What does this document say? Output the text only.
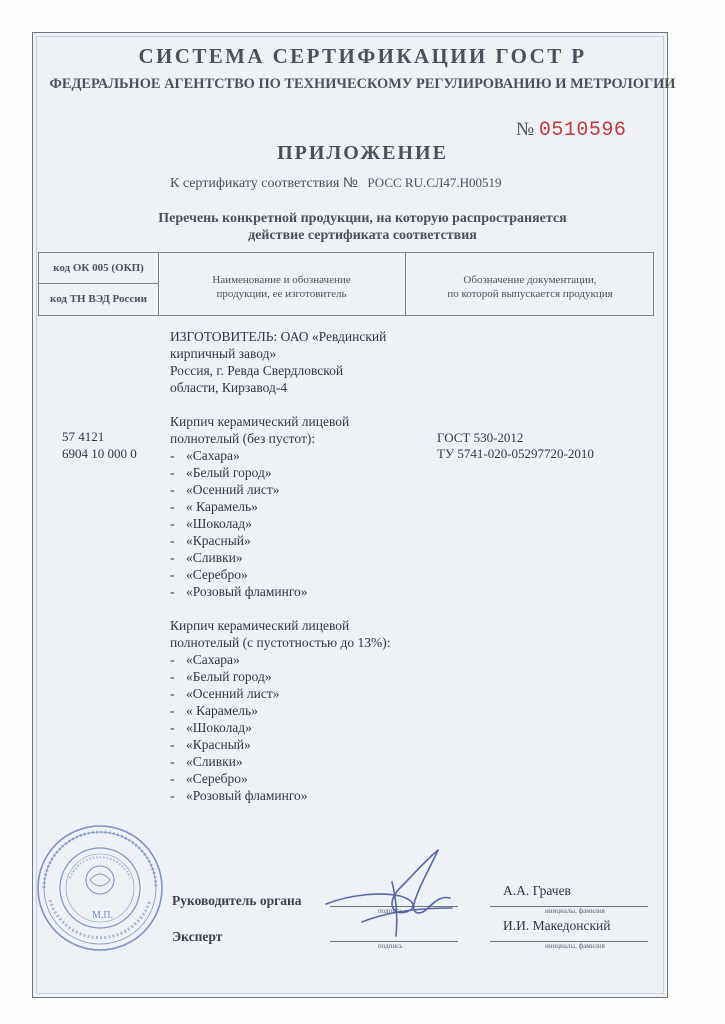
СИСТЕМА СЕРТИФИКАЦИИ ГОСТ Р
ФЕДЕРАЛЬНОЕ АГЕНТСТВО ПО ТЕХНИЧЕСКОМУ РЕГУЛИРОВАНИЮ И МЕТРОЛОГИИ
№ 0510596
ПРИЛОЖЕНИЕ
К сертификату соответствия № РОСС RU.СЛ47.Н00519
Перечень конкретной продукции, на которую распространяется
действие сертификата соответствия
код ОК 005 (ОКП)
код ТН ВЭД России
Наименование и обозначение
продукции, ее изготовитель
Обозначение документации,
по которой выпускается продукция
57 4121
6904 10 000 0
ИЗГОТОВИТЕЛЬ: ОАО «Ревдинский
кирпичный завод»
Россия, г. Ревда Свердловской
области, Кирзавод-4
Кирпич керамический лицевой
полнотелый (без пустот):
- «Сахара»
- «Белый город»
- «Осенний лист»
- « Карамель»
- «Шоколад»
- «Красный»
- «Сливки»
- «Серебро»
- «Розовый фламинго»
Кирпич керамический лицевой
полнотелый (с пустотностью до 13%):
- «Сахара»
- «Белый город»
- «Осенний лист»
- « Карамель»
- «Шоколад»
- «Красный»
- «Сливки»
- «Серебро»
- «Розовый фламинго»
ГОСТ 530-2012
ТУ 5741-020-05297720-2010
М.П.
Руководитель органа
подпись
А.А. Грачев
инициалы, фамилия
Эксперт
подпись
И.И. Македонский
инициалы, фамилия
